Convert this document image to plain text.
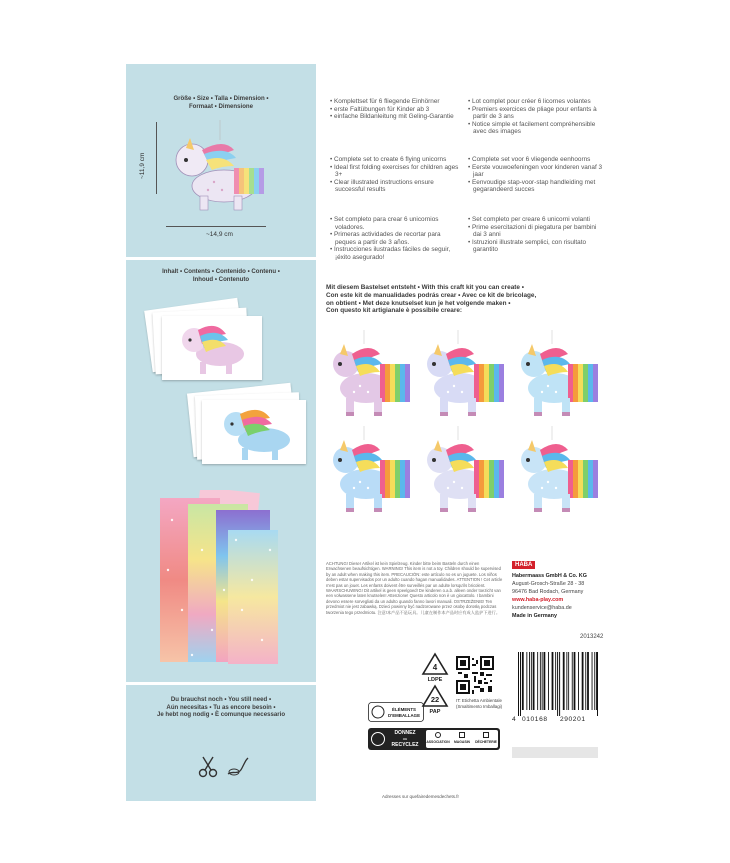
Größe • Size • Talla • Dimension •
Formaat • Dimensione
~11,9 cm
~14,9 cm
Inhalt • Contents • Contenido • Contenu •
Inhoud • Contenuto
Du brauchst noch • You still need •
Aún necesitas • Tu as encore besoin •
Je hebt nog nodig • È comunque necessario
• Komplettset für 6 fliegende Einhörner
• erste Faltübungen für Kinder ab 3
• einfache Bildanleitung mit Geling-Garantie
• Lot complet pour créer 6 licornes volantes
• Premiers exercices de pliage pour enfants à partir de 3 ans
• Notice simple et facilement compréhensible avec des images
• Complete set to create 6 flying unicorns
• Ideal first folding exercises for children ages 3+
• Clear illustrated instructions ensure successful results
• Complete set voor 6 vliegende eenhoorns
• Eerste vouwoefeningen voor kinderen vanaf 3 jaar
• Eenvoudige stap-voor-stap handleiding met gegarandeerd succes
• Set completo para crear 6 unicornios voladores.
• Primeras actividades de recortar para peques a partir de 3 años.
• Instrucciones ilustradas fáciles de seguir, ¡éxito asegurado!
• Set completo per creare 6 unicorni volanti
• Prime esercitazioni di piegatura per bambini dai 3 anni
• Istruzioni illustrate semplici, con risultato garantito
Mit diesem Bastelset entsteht • With this craft kit you can create •
Con este kit de manualidades podrás crear • Avec ce kit de bricolage,
on obtient • Met deze knutselset kun je het volgende maken •
Con questo kit artigianale è possibile creare:
ACHTUNG! Dieser Artikel ist kein Spielzeug. Kinder bitte beim Basteln durch einen Erwachsenen beaufsichtigen. WARNING! This item is not a toy. Children should be supervised by an adult when making this item. PRECAUCIÓN: este artículo no es un juguete. Los niños deben estar supervisados por un adulto cuando hagan manualidades. ATTENTION ! Cet article n'est pas un jouet. Les enfants doivent être surveillés par un adulte lorsqu'ils bricolent. WAARSCHUWING! Dit artikel is geen speelgoed! De kinderen o.a.b. alleen onder toezicht van een volwassene laten knutselen! Attenzione! Questo articolo non è un giocattolo. I bambini devono essere sorvegliati da un adulto quando fanno lavori manuali. OSTRZEŻENIE! Ten przedmiot nie jest zabawką. Dzieci powinny być nadzorowane przez osobę dorosłą podczas tworzenia tego przedmiotu. 注意!本产品不是玩具。儿童在制作本产品时应有成人监护下进行。
HABA
Habermaass GmbH & Co. KG
August-Grosch-Straße 28 - 38
96476 Bad Rodach, Germany
www.haba-play.com
kundenservice@haba.de
Made in Germany
2013242
4
LDPE
22
PAP
ÉLÉMENTS
D'EMBALLAGE
IT: Etichetta Ambientale
(Smaltimento Imballagi)
DONNEZ
ou
RECYCLEZ	ASSOCIATION	MAGASIN	DÉCHETERIE
Adresses sur quefairedemesdechets.fr
4 010168 290201
